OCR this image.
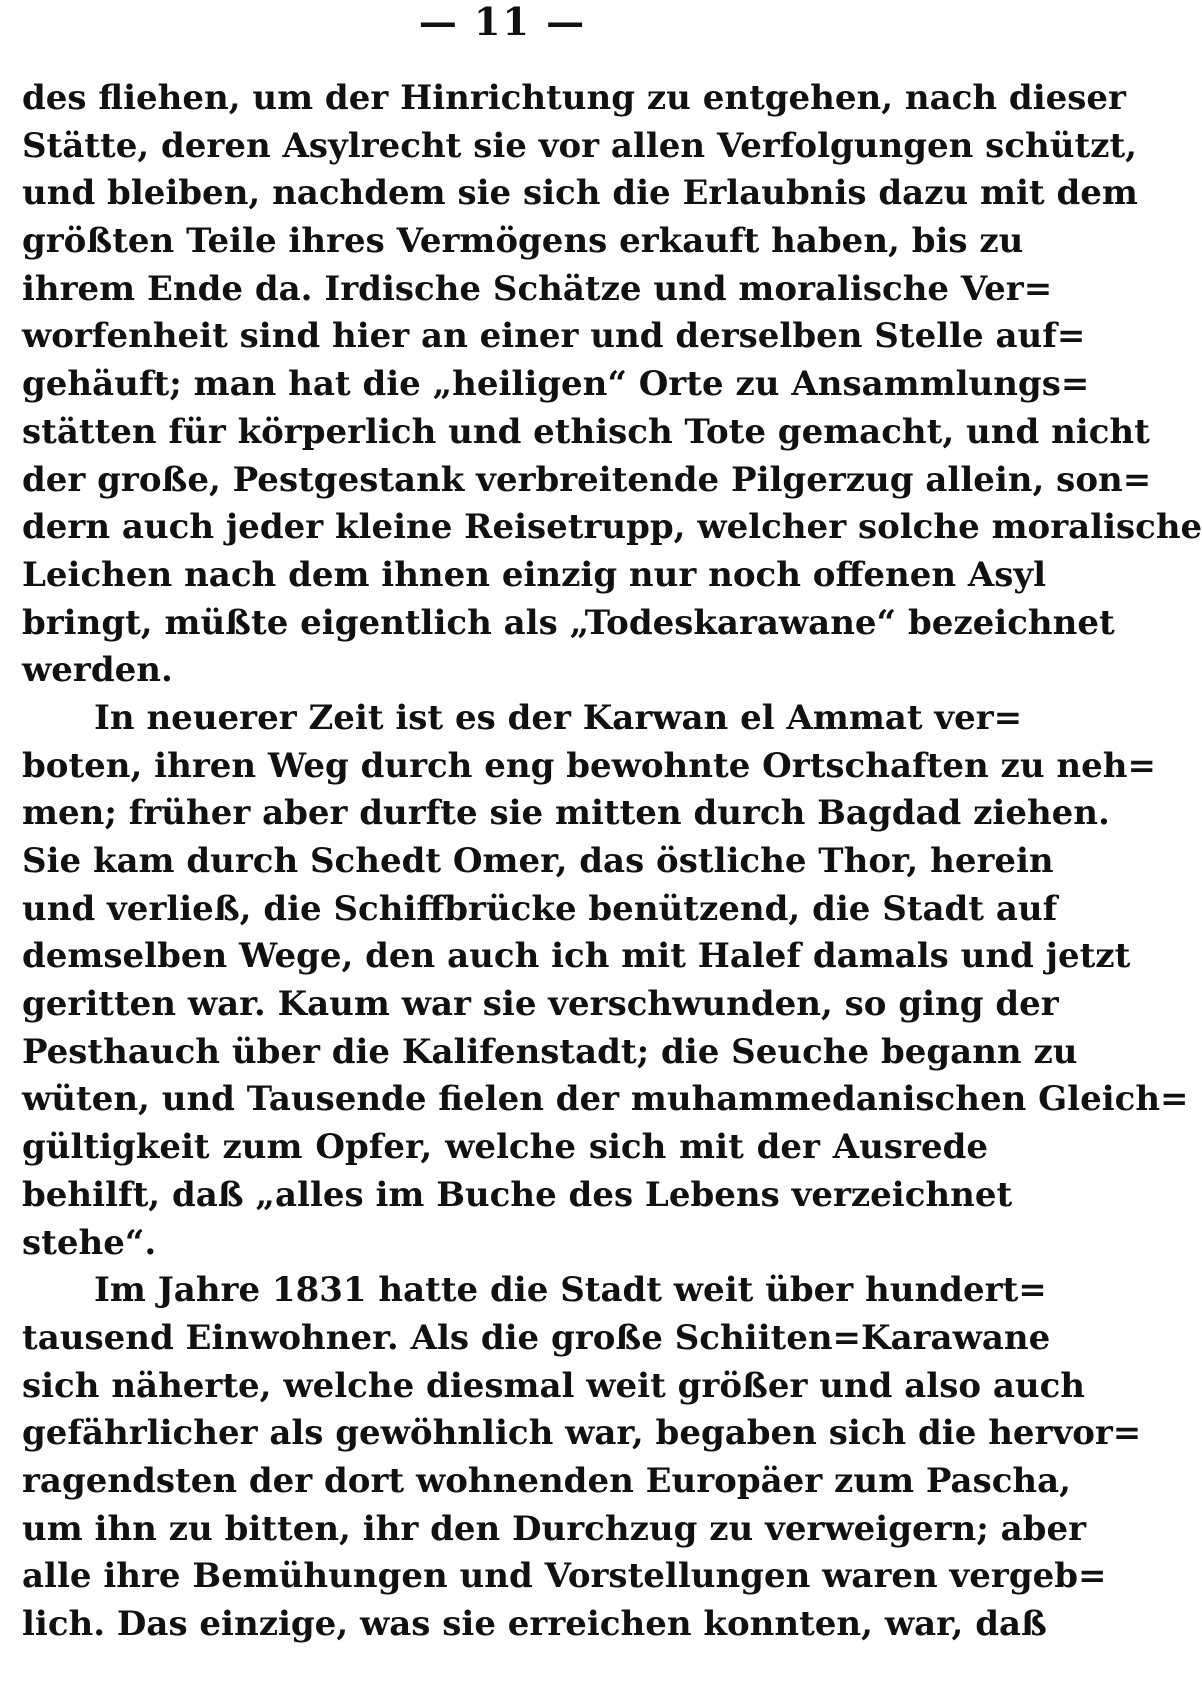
— 11 —
des fliehen, um der Hinrichtung zu entgehen, nach dieser
Stätte, deren Asylrecht sie vor allen Verfolgungen schützt,
und bleiben, nachdem sie sich die Erlaubnis dazu mit dem
größten Teile ihres Vermögens erkauft haben, bis zu
ihrem Ende da. Irdische Schätze und moralische Ver=
worfenheit sind hier an einer und derselben Stelle auf=
gehäuft; man hat die „heiligen“ Orte zu Ansammlungs=
stätten für körperlich und ethisch Tote gemacht, und nicht
der große, Pestgestank verbreitende Pilgerzug allein, son=
dern auch jeder kleine Reisetrupp, welcher solche moralische
Leichen nach dem ihnen einzig nur noch offenen Asyl
bringt, müßte eigentlich als „Todeskarawane“ bezeichnet
werden.
In neuerer Zeit ist es der Karwan el Ammat ver=
boten, ihren Weg durch eng bewohnte Ortschaften zu neh=
men; früher aber durfte sie mitten durch Bagdad ziehen.
Sie kam durch Schedt Omer, das östliche Thor, herein
und verließ, die Schiffbrücke benützend, die Stadt auf
demselben Wege, den auch ich mit Halef damals und jetzt
geritten war. Kaum war sie verschwunden, so ging der
Pesthauch über die Kalifenstadt; die Seuche begann zu
wüten, und Tausende fielen der muhammedanischen Gleich=
gültigkeit zum Opfer, welche sich mit der Ausrede
behilft, daß „alles im Buche des Lebens verzeichnet
stehe“.
Im Jahre 1831 hatte die Stadt weit über hundert=
tausend Einwohner. Als die große Schiiten=Karawane
sich näherte, welche diesmal weit größer und also auch
gefährlicher als gewöhnlich war, begaben sich die hervor=
ragendsten der dort wohnenden Europäer zum Pascha,
um ihn zu bitten, ihr den Durchzug zu verweigern; aber
alle ihre Bemühungen und Vorstellungen waren vergeb=
lich. Das einzige, was sie erreichen konnten, war, daß
